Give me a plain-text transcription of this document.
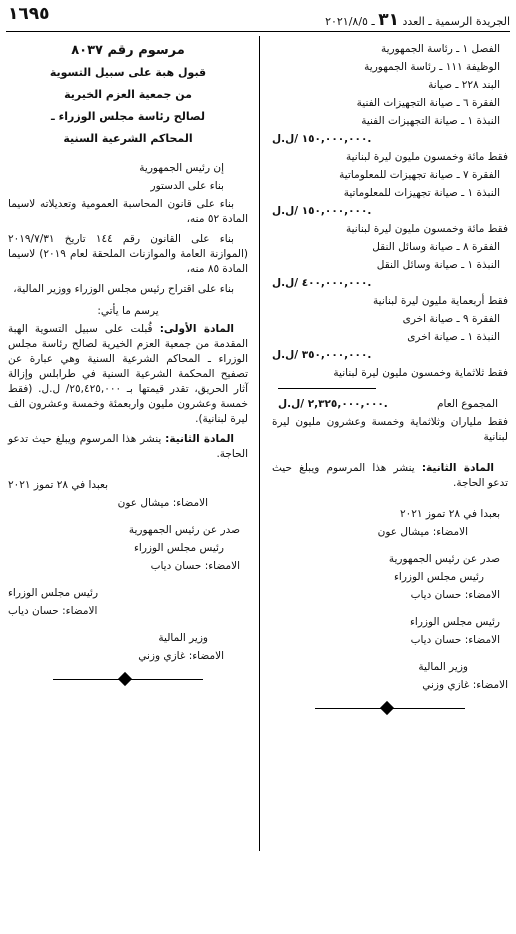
الجريدة الرسمية ـ العدد ٣١ ـ ٢٠٢١/٨/٥
١٦٩٥
الفصل ١ ـ رئاسة الجمهورية
الوظيفة ١١١ ـ رئاسة الجمهورية
البند ٢٢٨ ـ صيانة
الفقرة ٦ ـ صيانة التجهيزات الفنية
النبذة ١ ـ صيانة التجهيزات الفنية
١٥٠,٠٠٠,٠٠٠ /ل.ل.
فقط مائة وخمسون مليون ليرة لبنانية
الفقرة ٧ ـ صيانة تجهيزات للمعلوماتية
النبذة ١ ـ صيانة تجهيزات للمعلوماتية
١٥٠,٠٠٠,٠٠٠ /ل.ل.
فقط مائة وخمسون مليون ليرة لبنانية
الفقرة ٨ ـ صيانة وسائل النقل
النبذة ١ ـ صيانة وسائل النقل
٤٠٠,٠٠٠,٠٠٠ /ل.ل.
فقط أربعماية مليون ليرة لبنانية
الفقرة ٩ ـ صيانة اخرى
النبذة ١ ـ صيانة اخرى
٣٥٠,٠٠٠,٠٠٠ /ل.ل.
فقط ثلاثماية وخمسون مليون ليرة لبنانية
المجموع العام
٢,٣٢٥,٠٠٠,٠٠٠ /ل.ل.
فقط ملياران وثلاثماية وخمسة وعشرون مليون ليرة لبنانية
المادة الثانية: ينشر هذا المرسوم ويبلغ حيث تدعو الحاجة.
بعبدا في ٢٨ تموز ٢٠٢١
الامضاء: ميشال عون
صدر عن رئيس الجمهورية
رئيس مجلس الوزراء
الامضاء: حسان دياب
رئيس مجلس الوزراء
الامضاء: حسان دياب
وزير المالية
الامضاء: غازي وزني
مرسوم رقم ٨٠٣٧
قبول هبة على سبيل التسوية
من جمعية العزم الخيرية
لصالح رئاسة مجلس الوزراء ـ
المحاكم الشرعية السنية
إن رئيس الجمهورية
بناء على الدستور
بناء على قانون المحاسبة العمومية وتعديلاته لاسيما المادة ٥٢ منه،
بناء على القانون رقم ١٤٤ تاريخ ٢٠١٩/٧/٣١ (الموازنة العامة والموازنات الملحقة لعام ٢٠١٩) لاسيما المادة ٨٥ منه،
بناء على اقتراح رئيس مجلس الوزراء ووزير المالية،
يرسم ما يأتي:
المادة الأولى: قُبلت على سبيل التسوية الهبة المقدمة من جمعية العزم الخيرية لصالح رئاسة مجلس الوزراء ـ المحاكم الشرعية السنية وهي عبارة عن تصفيح المحكمة الشرعية السنية في طرابلس وإزالة آثار الحريق، تقدر قيمتها بـ ٢٥,٤٢٥,٠٠٠/ ل.ل. (فقط خمسة وعشرون مليون واربعمئة وخمسة وعشرون الف ليرة لبنانية).
المادة الثانية: ينشر هذا المرسوم ويبلغ حيث تدعو الحاجة.
بعبدا في ٢٨ تموز ٢٠٢١
الامضاء: ميشال عون
صدر عن رئيس الجمهورية
رئيس مجلس الوزراء
الامضاء: حسان دياب
رئيس مجلس الوزراء
الامضاء: حسان دياب
وزير المالية
الامضاء: غازي وزني
